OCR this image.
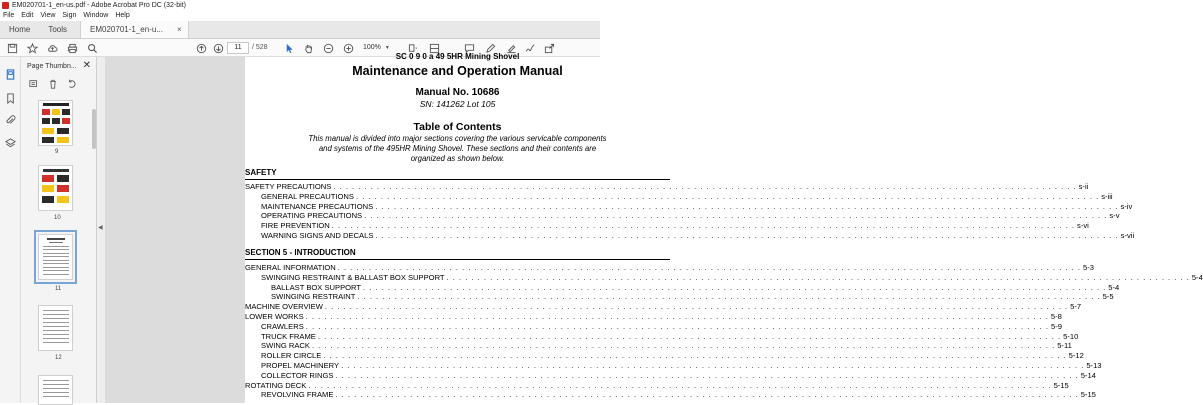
EM020701-1_en-us.pdf - Adobe Acrobat Pro DC (32-bit)
File Edit View Sign Window Help
Home	Tools	EM020701-1_en-u... ×
11	/ 528	100% ▼
Page Thumbn... ✕
9
10
11
12
◀
SC 0 9 0 a 49 5HR Mining Shovel
Maintenance and Operation Manual
Manual No. 10686
SN: 141262 Lot 105
Table of Contents
This manual is divided into major sections covering the various servicable components
and systems of the 495HR Mining Shovel. These sections and their contents are
organized as shown below.
SAFETY
SECTION 5 - INTRODUCTION
SAFETY PRECAUTIONS . . . . . . . . . . . . . . . . . . . . . . . . . . . . . . . . . . . . . . . . . . . . . . . . . . . . . . . . . . . . . . . . . . . . . . . . . . . . . . . . . . . . . . . . . . . . . . . . . . . . . . . . . . . . . . . . . . . . . . . . s-ii
GENERAL PRECAUTIONS . . . . . . . . . . . . . . . . . . . . . . . . . . . . . . . . . . . . . . . . . . . . . . . . . . . . . . . . . . . . . . . . . . . . . . . . . . . . . . . . . . . . . . . . . . . . . . . . . . . . . . . . . . . . . . . . . . . . . . . . s-iii
MAINTENANCE PRECAUTIONS . . . . . . . . . . . . . . . . . . . . . . . . . . . . . . . . . . . . . . . . . . . . . . . . . . . . . . . . . . . . . . . . . . . . . . . . . . . . . . . . . . . . . . . . . . . . . . . . . . . . . . . . . . . . . . . . . . . . . . . . s-iv
OPERATING PRECAUTIONS . . . . . . . . . . . . . . . . . . . . . . . . . . . . . . . . . . . . . . . . . . . . . . . . . . . . . . . . . . . . . . . . . . . . . . . . . . . . . . . . . . . . . . . . . . . . . . . . . . . . . . . . . . . . . . . . . . . . . . . . s-v
FIRE PREVENTION . . . . . . . . . . . . . . . . . . . . . . . . . . . . . . . . . . . . . . . . . . . . . . . . . . . . . . . . . . . . . . . . . . . . . . . . . . . . . . . . . . . . . . . . . . . . . . . . . . . . . . . . . . . . . . . . . . . . . . . . s-vi
WARNING SIGNS AND DECALS . . . . . . . . . . . . . . . . . . . . . . . . . . . . . . . . . . . . . . . . . . . . . . . . . . . . . . . . . . . . . . . . . . . . . . . . . . . . . . . . . . . . . . . . . . . . . . . . . . . . . . . . . . . . . . . . . . . . . . . . s-vii
GENERAL INFORMATION . . . . . . . . . . . . . . . . . . . . . . . . . . . . . . . . . . . . . . . . . . . . . . . . . . . . . . . . . . . . . . . . . . . . . . . . . . . . . . . . . . . . . . . . . . . . . . . . . . . . . . . . . . . . . . . . . . . . . . . . 5-3
SWINGING RESTRAINT & BALLAST BOX SUPPORT . . . . . . . . . . . . . . . . . . . . . . . . . . . . . . . . . . . . . . . . . . . . . . . . . . . . . . . . . . . . . . . . . . . . . . . . . . . . . . . . . . . . . . . . . . . . . . . . . . . . . . . . . . . . . . . . . . . . . . . . 5-4
BALLAST BOX SUPPORT . . . . . . . . . . . . . . . . . . . . . . . . . . . . . . . . . . . . . . . . . . . . . . . . . . . . . . . . . . . . . . . . . . . . . . . . . . . . . . . . . . . . . . . . . . . . . . . . . . . . . . . . . . . . . . . . . . . . . . . . 5-4
SWINGING RESTRAINT . . . . . . . . . . . . . . . . . . . . . . . . . . . . . . . . . . . . . . . . . . . . . . . . . . . . . . . . . . . . . . . . . . . . . . . . . . . . . . . . . . . . . . . . . . . . . . . . . . . . . . . . . . . . . . . . . . . . . . . . 5-5
MACHINE OVERVIEW . . . . . . . . . . . . . . . . . . . . . . . . . . . . . . . . . . . . . . . . . . . . . . . . . . . . . . . . . . . . . . . . . . . . . . . . . . . . . . . . . . . . . . . . . . . . . . . . . . . . . . . . . . . . . . . . . . . . . . . . 5-7
LOWER WORKS . . . . . . . . . . . . . . . . . . . . . . . . . . . . . . . . . . . . . . . . . . . . . . . . . . . . . . . . . . . . . . . . . . . . . . . . . . . . . . . . . . . . . . . . . . . . . . . . . . . . . . . . . . . . . . . . . . . . . . . . 5-8
CRAWLERS . . . . . . . . . . . . . . . . . . . . . . . . . . . . . . . . . . . . . . . . . . . . . . . . . . . . . . . . . . . . . . . . . . . . . . . . . . . . . . . . . . . . . . . . . . . . . . . . . . . . . . . . . . . . . . . . . . . . . . . . 5-9
TRUCK FRAME . . . . . . . . . . . . . . . . . . . . . . . . . . . . . . . . . . . . . . . . . . . . . . . . . . . . . . . . . . . . . . . . . . . . . . . . . . . . . . . . . . . . . . . . . . . . . . . . . . . . . . . . . . . . . . . . . . . . . . . . 5-10
SWING RACK . . . . . . . . . . . . . . . . . . . . . . . . . . . . . . . . . . . . . . . . . . . . . . . . . . . . . . . . . . . . . . . . . . . . . . . . . . . . . . . . . . . . . . . . . . . . . . . . . . . . . . . . . . . . . . . . . . . . . . . . 5-11
ROLLER CIRCLE . . . . . . . . . . . . . . . . . . . . . . . . . . . . . . . . . . . . . . . . . . . . . . . . . . . . . . . . . . . . . . . . . . . . . . . . . . . . . . . . . . . . . . . . . . . . . . . . . . . . . . . . . . . . . . . . . . . . . . . . 5-12
PROPEL MACHINERY . . . . . . . . . . . . . . . . . . . . . . . . . . . . . . . . . . . . . . . . . . . . . . . . . . . . . . . . . . . . . . . . . . . . . . . . . . . . . . . . . . . . . . . . . . . . . . . . . . . . . . . . . . . . . . . . . . . . . . . . 5-13
COLLECTOR RINGS . . . . . . . . . . . . . . . . . . . . . . . . . . . . . . . . . . . . . . . . . . . . . . . . . . . . . . . . . . . . . . . . . . . . . . . . . . . . . . . . . . . . . . . . . . . . . . . . . . . . . . . . . . . . . . . . . . . . . . . . 5-14
ROTATING DECK . . . . . . . . . . . . . . . . . . . . . . . . . . . . . . . . . . . . . . . . . . . . . . . . . . . . . . . . . . . . . . . . . . . . . . . . . . . . . . . . . . . . . . . . . . . . . . . . . . . . . . . . . . . . . . . . . . . . . . . . 5-15
REVOLVING FRAME . . . . . . . . . . . . . . . . . . . . . . . . . . . . . . . . . . . . . . . . . . . . . . . . . . . . . . . . . . . . . . . . . . . . . . . . . . . . . . . . . . . . . . . . . . . . . . . . . . . . . . . . . . . . . . . . . . . . . . . . 5-15
